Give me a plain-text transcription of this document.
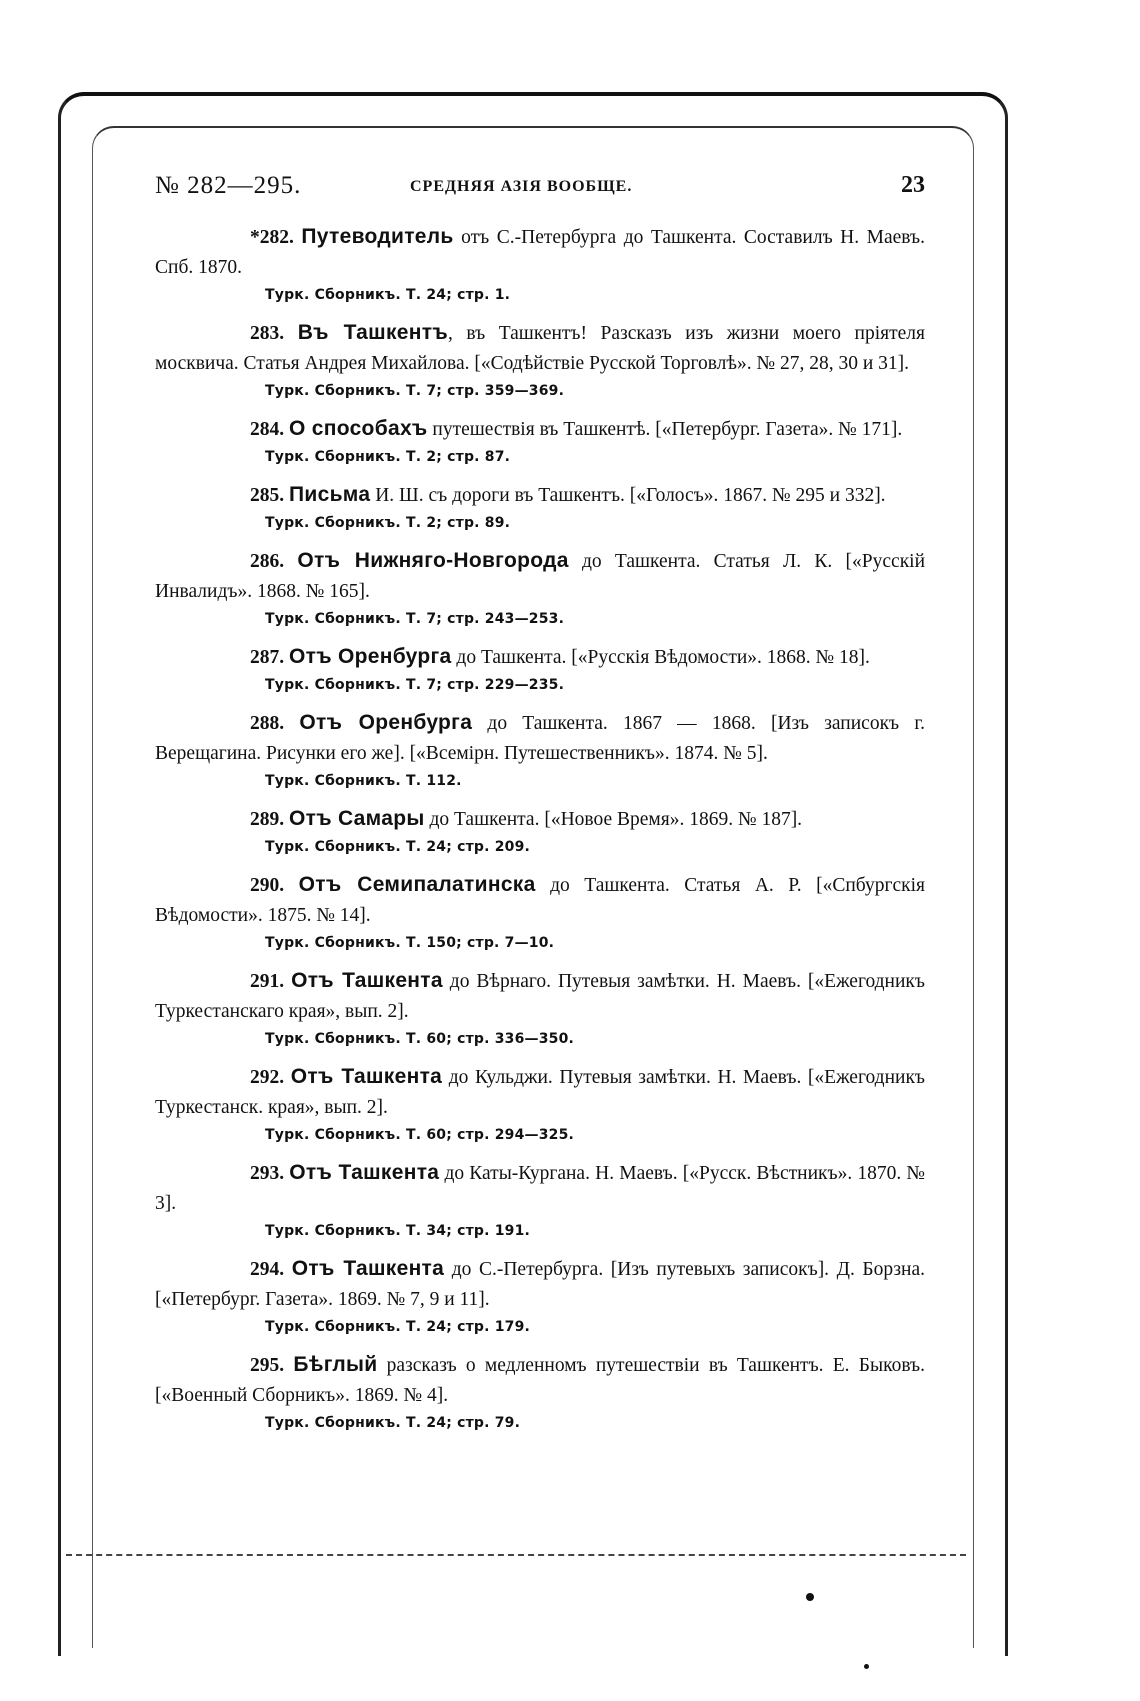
№ 282—295.	СРЕДНЯЯ АЗІЯ ВООБЩЕ.	23
*282. Путеводитель отъ С.-Петербурга до Ташкента. Составилъ Н. Маевъ. Спб. 1870.
Турк. Сборникъ. Т. 24; стр. 1.
283. Въ Ташкентъ, въ Ташкентъ! Разсказъ изъ жизни моего пріятеля москвича. Статья Андрея Михайлова. [«Содѣйствіе Русской Торговлѣ». № 27, 28, 30 и 31].
Турк. Сборникъ. Т. 7; стр. 359—369.
284. О способахъ путешествія въ Ташкентѣ. [«Петербург. Газета». № 171].
Турк. Сборникъ. Т. 2; стр. 87.
285. Письма И. Ш. съ дороги въ Ташкентъ. [«Голосъ». 1867. № 295 и 332].
Турк. Сборникъ. Т. 2; стр. 89.
286. Отъ Нижняго-Новгорода до Ташкента. Статья Л. К. [«Русскій Инвалидъ». 1868. № 165].
Турк. Сборникъ. Т. 7; стр. 243—253.
287. Отъ Оренбурга до Ташкента. [«Русскія Вѣдомости». 1868. № 18].
Турк. Сборникъ. Т. 7; стр. 229—235.
288. Отъ Оренбурга до Ташкента. 1867 — 1868. [Изъ записокъ г. Верещагина. Рисунки его же]. [«Всемірн. Путешественникъ». 1874. № 5].
Турк. Сборникъ. Т. 112.
289. Отъ Самары до Ташкента. [«Новое Время». 1869. № 187].
Турк. Сборникъ. Т. 24; стр. 209.
290. Отъ Семипалатинска до Ташкента. Статья А. Р. [«Спбургскія Вѣдомости». 1875. № 14].
Турк. Сборникъ. Т. 150; стр. 7—10.
291. Отъ Ташкента до Вѣрнаго. Путевыя замѣтки. Н. Маевъ. [«Ежегодникъ Туркестанскаго края», вып. 2].
Турк. Сборникъ. Т. 60; стр. 336—350.
292. Отъ Ташкента до Кульджи. Путевыя замѣтки. Н. Маевъ. [«Ежегодникъ Туркестанск. края», вып. 2].
Турк. Сборникъ. Т. 60; стр. 294—325.
293. Отъ Ташкента до Каты-Кургана. Н. Маевъ. [«Русск. Вѣстникъ». 1870. № 3].
Турк. Сборникъ. Т. 34; стр. 191.
294. Отъ Ташкента до С.-Петербурга. [Изъ путевыхъ записокъ]. Д. Борзна. [«Петербург. Газета». 1869. № 7, 9 и 11].
Турк. Сборникъ. Т. 24; стр. 179.
295. Бѣглый разсказъ о медленномъ путешествіи въ Ташкентъ. Е. Быковъ. [«Военный Сборникъ». 1869. № 4].
Турк. Сборникъ. Т. 24; стр. 79.
